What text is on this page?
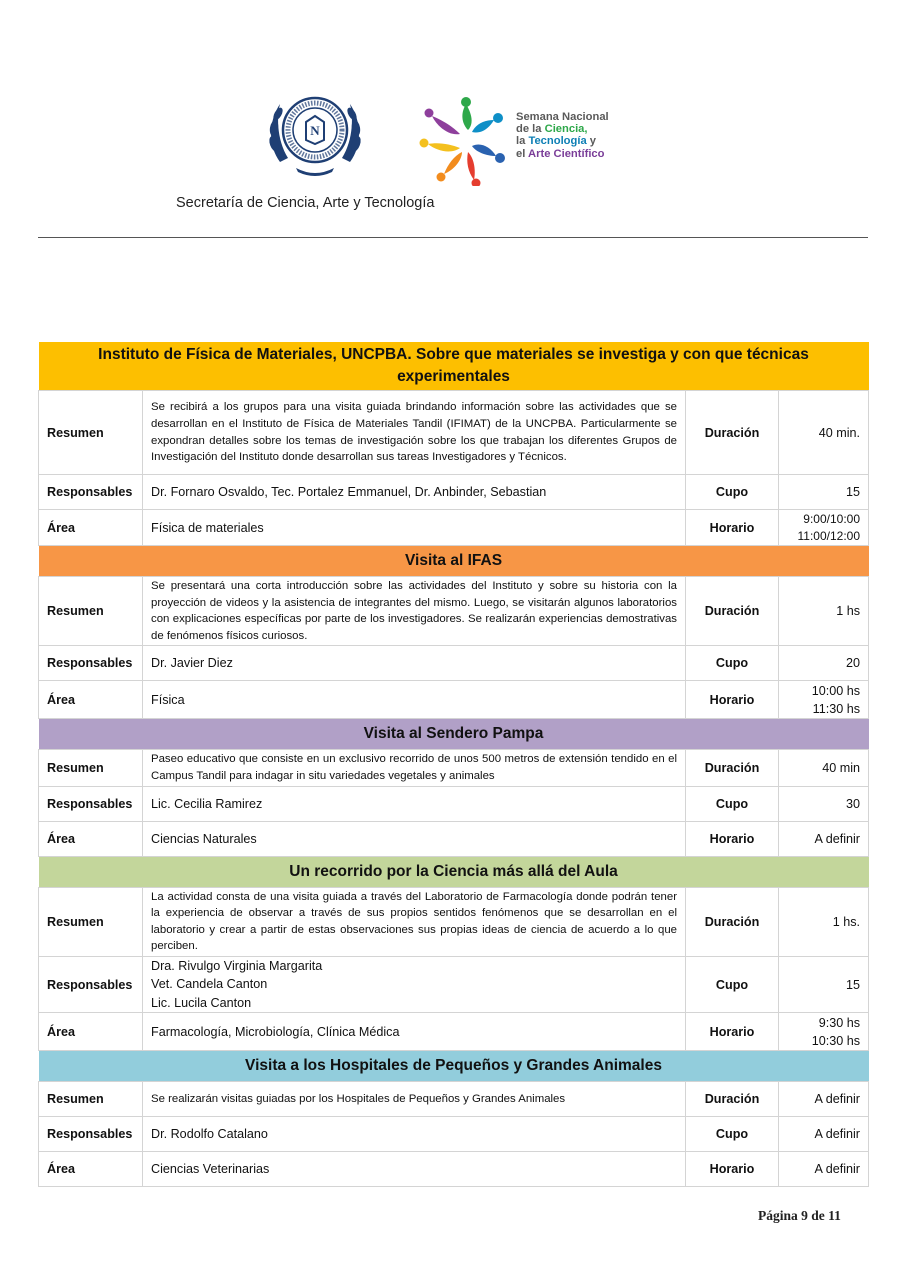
N
Semana Nacional
de la Ciencia,
la Tecnología y
el Arte Científico
Secretaría de Ciencia, Arte y Tecnología
Instituto de Física de Materiales, UNCPBA. Sobre que materiales se investiga y con que técnicas experimentales			
Resumen	Se recibirá a los grupos para una visita guiada brindando información sobre las actividades que se desarrollan en el Instituto de Física de Materiales Tandil (IFIMAT) de la UNCPBA. Particularmente se expondran detalles sobre los temas de investigación sobre los que trabajan los diferentes Grupos de Investigación del Instituto donde desarrollan sus tareas Investigadores y Técnicos.	Duración	40 min.
Responsables	Dr. Fornaro Osvaldo, Tec. Portalez Emmanuel, Dr. Anbinder, Sebastian	Cupo	15
Área	Física de materiales	Horario	9:00/10:00
11:00/12:00

Visita al IFAS			
Resumen	Se presentará una corta introducción sobre las actividades del Instituto y sobre su historia con la proyección de videos y la asistencia de integrantes del mismo. Luego, se visitarán algunos laboratorios con explicaciones específicas por parte de los investigadores. Se realizarán experiencias demostrativas de fenómenos físicos curiosos.	Duración	1 hs
Responsables	Dr. Javier Diez	Cupo	20
Área	Física	Horario	10:00 hs
11:30 hs

Visita al Sendero Pampa			
Resumen	Paseo educativo que consiste en un exclusivo recorrido de unos 500 metros de extensión tendido en el Campus Tandil para indagar in situ variedades vegetales y animales	Duración	40 min
Responsables	Lic. Cecilia Ramirez	Cupo	30
Área	Ciencias Naturales	Horario	A definir
Un recorrido por la Ciencia más allá del Aula			
Resumen	La actividad consta de una visita guiada a través del Laboratorio de Farmacología donde podrán tener la experiencia de observar a través de sus propios sentidos fenómenos que se desarrollan en el laboratorio y crear a partir de estas observaciones sus propias ideas de ciencia de acuerdo a lo que perciben.	Duración	1 hs.
Responsables	Dra. Rivulgo Virginia Margarita
Vet. Candela Canton
Lic. Lucila Canton	Cupo	15
Área	Farmacología, Microbiología, Clínica Médica	Horario	9:30 hs
10:30 hs

Visita a los Hospitales de Pequeños y Grandes Animales			
Resumen	Se realizarán visitas guiadas por los Hospitales de Pequeños y Grandes Animales	Duración	A definir
Responsables	Dr. Rodolfo Catalano	Cupo	A definir
Área	Ciencias Veterinarias	Horario	A definir
Página 9 de 11
